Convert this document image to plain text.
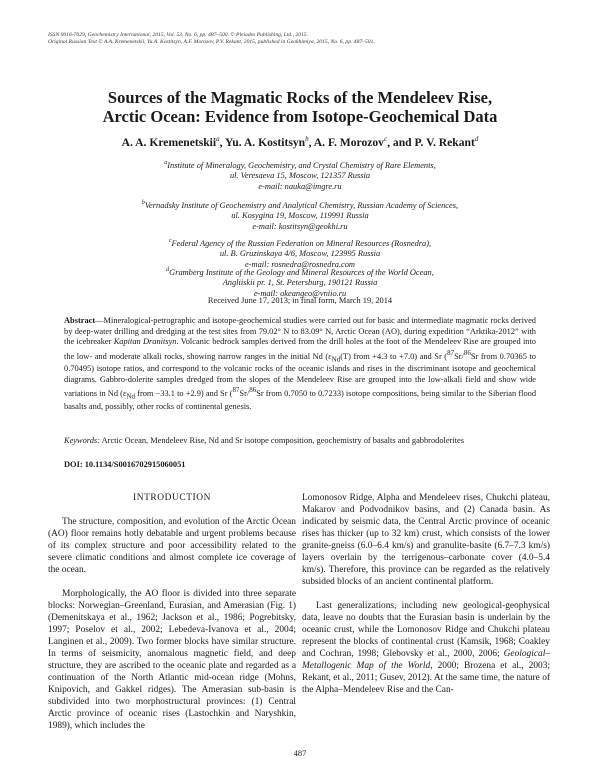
ISSN 0016-7029, Geochemistry International, 2015, Vol. 53, No. 6, pp. 487–500. © Pleiades Publishing, Ltd., 2015.
Original Russian Text © A.A. Kremenetskii, Yu.A. Kostitsyn, A.F. Morozov, P.V. Rekant, 2015, published in Geokhimiya, 2015, No. 6, pp. 487–501.
Sources of the Magmatic Rocks of the Mendeleev Rise,
Arctic Ocean: Evidence from Isotope-Geochemical Data
A. A. Kremenetskii$^a$, Yu. A. Kostitsyn$^b$, A. F. Morozov$^c$, and P. V. Rekant$^d$
$^a$Institute of Mineralogy, Geochemistry, and Crystal Chemistry of Rare Elements,
ul. Veresaeva 15, Moscow, 121357 Russia
e-mail: nauka@imgre.ru
$^b$Vernadsky Institute of Geochemistry and Analytical Chemistry, Russian Academy of Sciences,
ul. Kosygina 19, Moscow, 119991 Russia
e-mail: kostitsyn@geokhi.ru
$^c$Federal Agency of the Russian Federation on Mineral Resources (Rosnedra),
ul. B. Gruzinskaya 4/6, Moscow, 123995 Russia
e-mail: rosnedra@rosnedra.com
$^d$Gramberg Institute of the Geology and Mineral Resources of the World Ocean,
Angliiskii pr. 1, St. Petersburg, 190121 Russia
e-mail: okeangeo@vniio.ru
Received June 17, 2013; in final form, March 19, 2014
Abstract—Mineralogical-petrographic and isotope-geochemical studies were carried out for basic and intermediate magmatic rocks derived by deep-water drilling and dredging at the test sites from 79.02° N to 83.09° N, Arctic Ocean (AO), during expedition “Arktika-2012” with the icebreaker Kapitan Dranitsyn. Volcanic bedrock samples derived from the drill holes at the foot of the Mendeleev Rise are grouped into the low- and moderate alkali rocks, showing narrow ranges in the initial Nd ($\varepsilon_{Nd}(T)$ from +4.3 to +7.0) and Sr ($^{87}$Sr/$^{86}$Sr from 0.70365 to 0.70495) isotope ratios, and correspond to the volcanic rocks of the oceanic islands and rises in the discriminant isotope and geochemical diagrams. Gabbro-dolerite samples dredged from the slopes of the Mendeleev Rise are grouped into the low-alkali field and show wide variations in Nd ($\varepsilon_{Nd}$ from −33.1 to +2.9) and Sr ($^{87}$Sr/$^{86}$Sr from 0.7050 to 0.7233) isotope compositions, being similar to the Siberian flood basalts and, possibly, other rocks of continental genesis.
Keywords: Arctic Ocean, Mendeleev Rise, Nd and Sr isotope composition, geochemistry of basalts and gabbrodolerites
DOI: 10.1134/S0016702915060051
INTRODUCTION

The structure, composition, and evolution of the Arctic Ocean (AO) floor remains hotly debatable and urgent problems because of its complex structure and poor accessibility related to the severe climatic conditions and almost complete ice coverage of the ocean.

Morphologically, the AO floor is divided into three separate blocks: Norwegian–Greenland, Eurasian, and Amerasian (Fig. 1) (Demenitskaya et al., 1962; Jackson et al., 1986; Pogrebitsky, 1997; Poselov et al., 2002; Lebedeva-Ivanova et al., 2004; Langinen et al., 2009). Two former blocks have similar structure. In terms of seismicity, anomalous magnetic field, and deep structure, they are ascribed to the oceanic plate and regarded as a continuation of the North Atlantic mid-ocean ridge (Mohns, Knipovich, and Gakkel ridges). The Amerasian sub-basin is subdivided into two morphostructural provinces: (1) Central Arctic province of oceanic rises (Lastochkin and Naryshkin, 1989), which includes the

Lomonosov Ridge, Alpha and Mendeleev rises, Chukchi plateau, Makarov and Podvodnikov basins, and (2) Canada basin. As indicated by seismic data, the Central Arctic province of oceanic rises has thicker (up to 32 km) crust, which consists of the lower granite-gneiss (6.0–6.4 km/s) and granulite-basite (6.7–7.3 km/s) layers overlain by the terrigenous–carbonate cover (4.0–5.4 km/s). Therefore, this province can be regarded as the relatively subsided blocks of an ancient continental platform.

Last generalizations, including new geological-geophysical data, leave no doubts that the Eurasian basin is underlain by the oceanic crust, while the Lomonosov Ridge and Chukchi plateau represent the blocks of continental crust (Kamsik, 1968; Coakley and Cochran, 1998; Glebovsky et al., 2000, 2006; Geological–Metallogenic Map of the World, 2000; Brozena et al., 2003; Rekant, et al., 2011; Gusev, 2012). At the same time, the nature of the Alpha–Mendeleev Rise and the Can-

487
